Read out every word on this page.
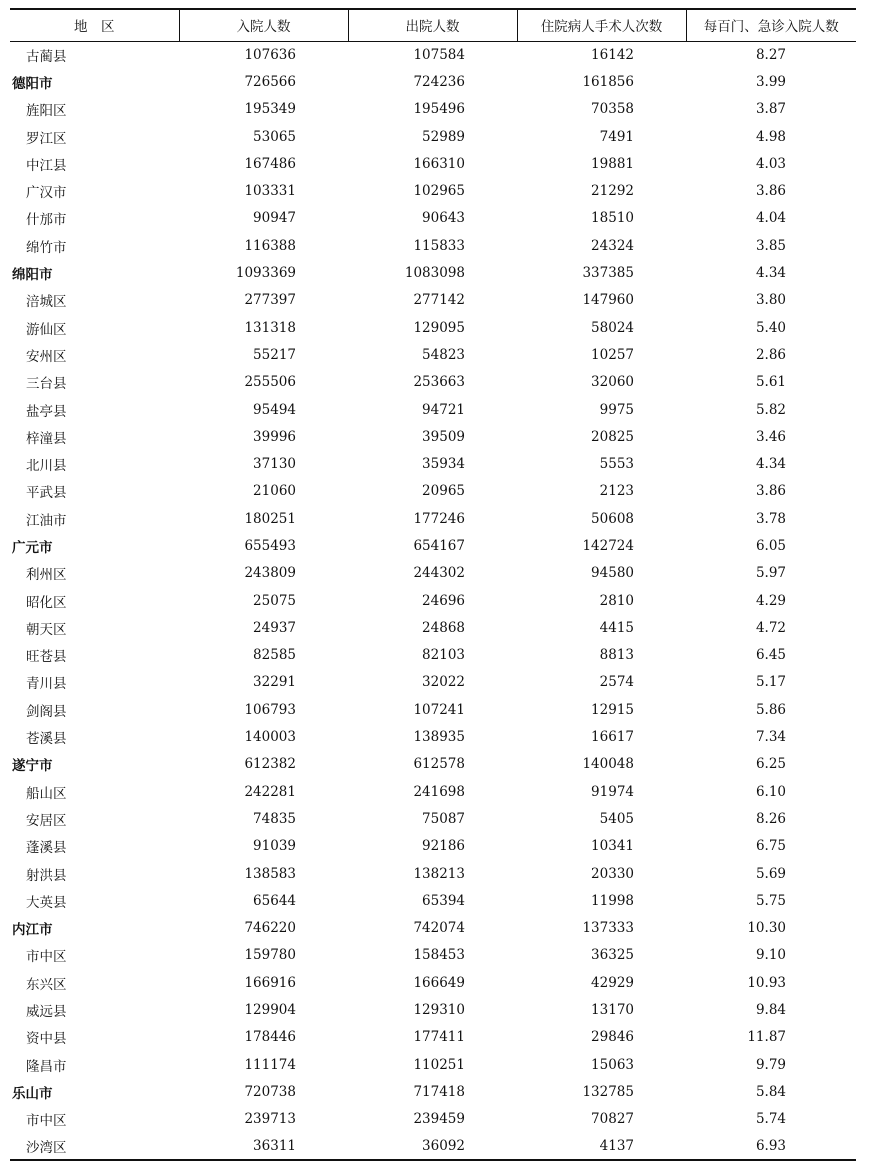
地　区	入院人数	出院人数	住院病人手术人次数	每百门、急诊入院人数
古蔺县	107636	107584	16142	8.27
德阳市	726566	724236	161856	3.99
旌阳区	195349	195496	70358	3.87
罗江区	53065	52989	7491	4.98
中江县	167486	166310	19881	4.03
广汉市	103331	102965	21292	3.86
什邡市	90947	90643	18510	4.04
绵竹市	116388	115833	24324	3.85
绵阳市	1093369	1083098	337385	4.34
涪城区	277397	277142	147960	3.80
游仙区	131318	129095	58024	5.40
安州区	55217	54823	10257	2.86
三台县	255506	253663	32060	5.61
盐亭县	95494	94721	9975	5.82
梓潼县	39996	39509	20825	3.46
北川县	37130	35934	5553	4.34
平武县	21060	20965	2123	3.86
江油市	180251	177246	50608	3.78
广元市	655493	654167	142724	6.05
利州区	243809	244302	94580	5.97
昭化区	25075	24696	2810	4.29
朝天区	24937	24868	4415	4.72
旺苍县	82585	82103	8813	6.45
青川县	32291	32022	2574	5.17
剑阁县	106793	107241	12915	5.86
苍溪县	140003	138935	16617	7.34
遂宁市	612382	612578	140048	6.25
船山区	242281	241698	91974	6.10
安居区	74835	75087	5405	8.26
蓬溪县	91039	92186	10341	6.75
射洪县	138583	138213	20330	5.69
大英县	65644	65394	11998	5.75
内江市	746220	742074	137333	10.30
市中区	159780	158453	36325	9.10
东兴区	166916	166649	42929	10.93
威远县	129904	129310	13170	9.84
资中县	178446	177411	29846	11.87
隆昌市	111174	110251	15063	9.79
乐山市	720738	717418	132785	5.84
市中区	239713	239459	70827	5.74
沙湾区	36311	36092	4137	6.93
